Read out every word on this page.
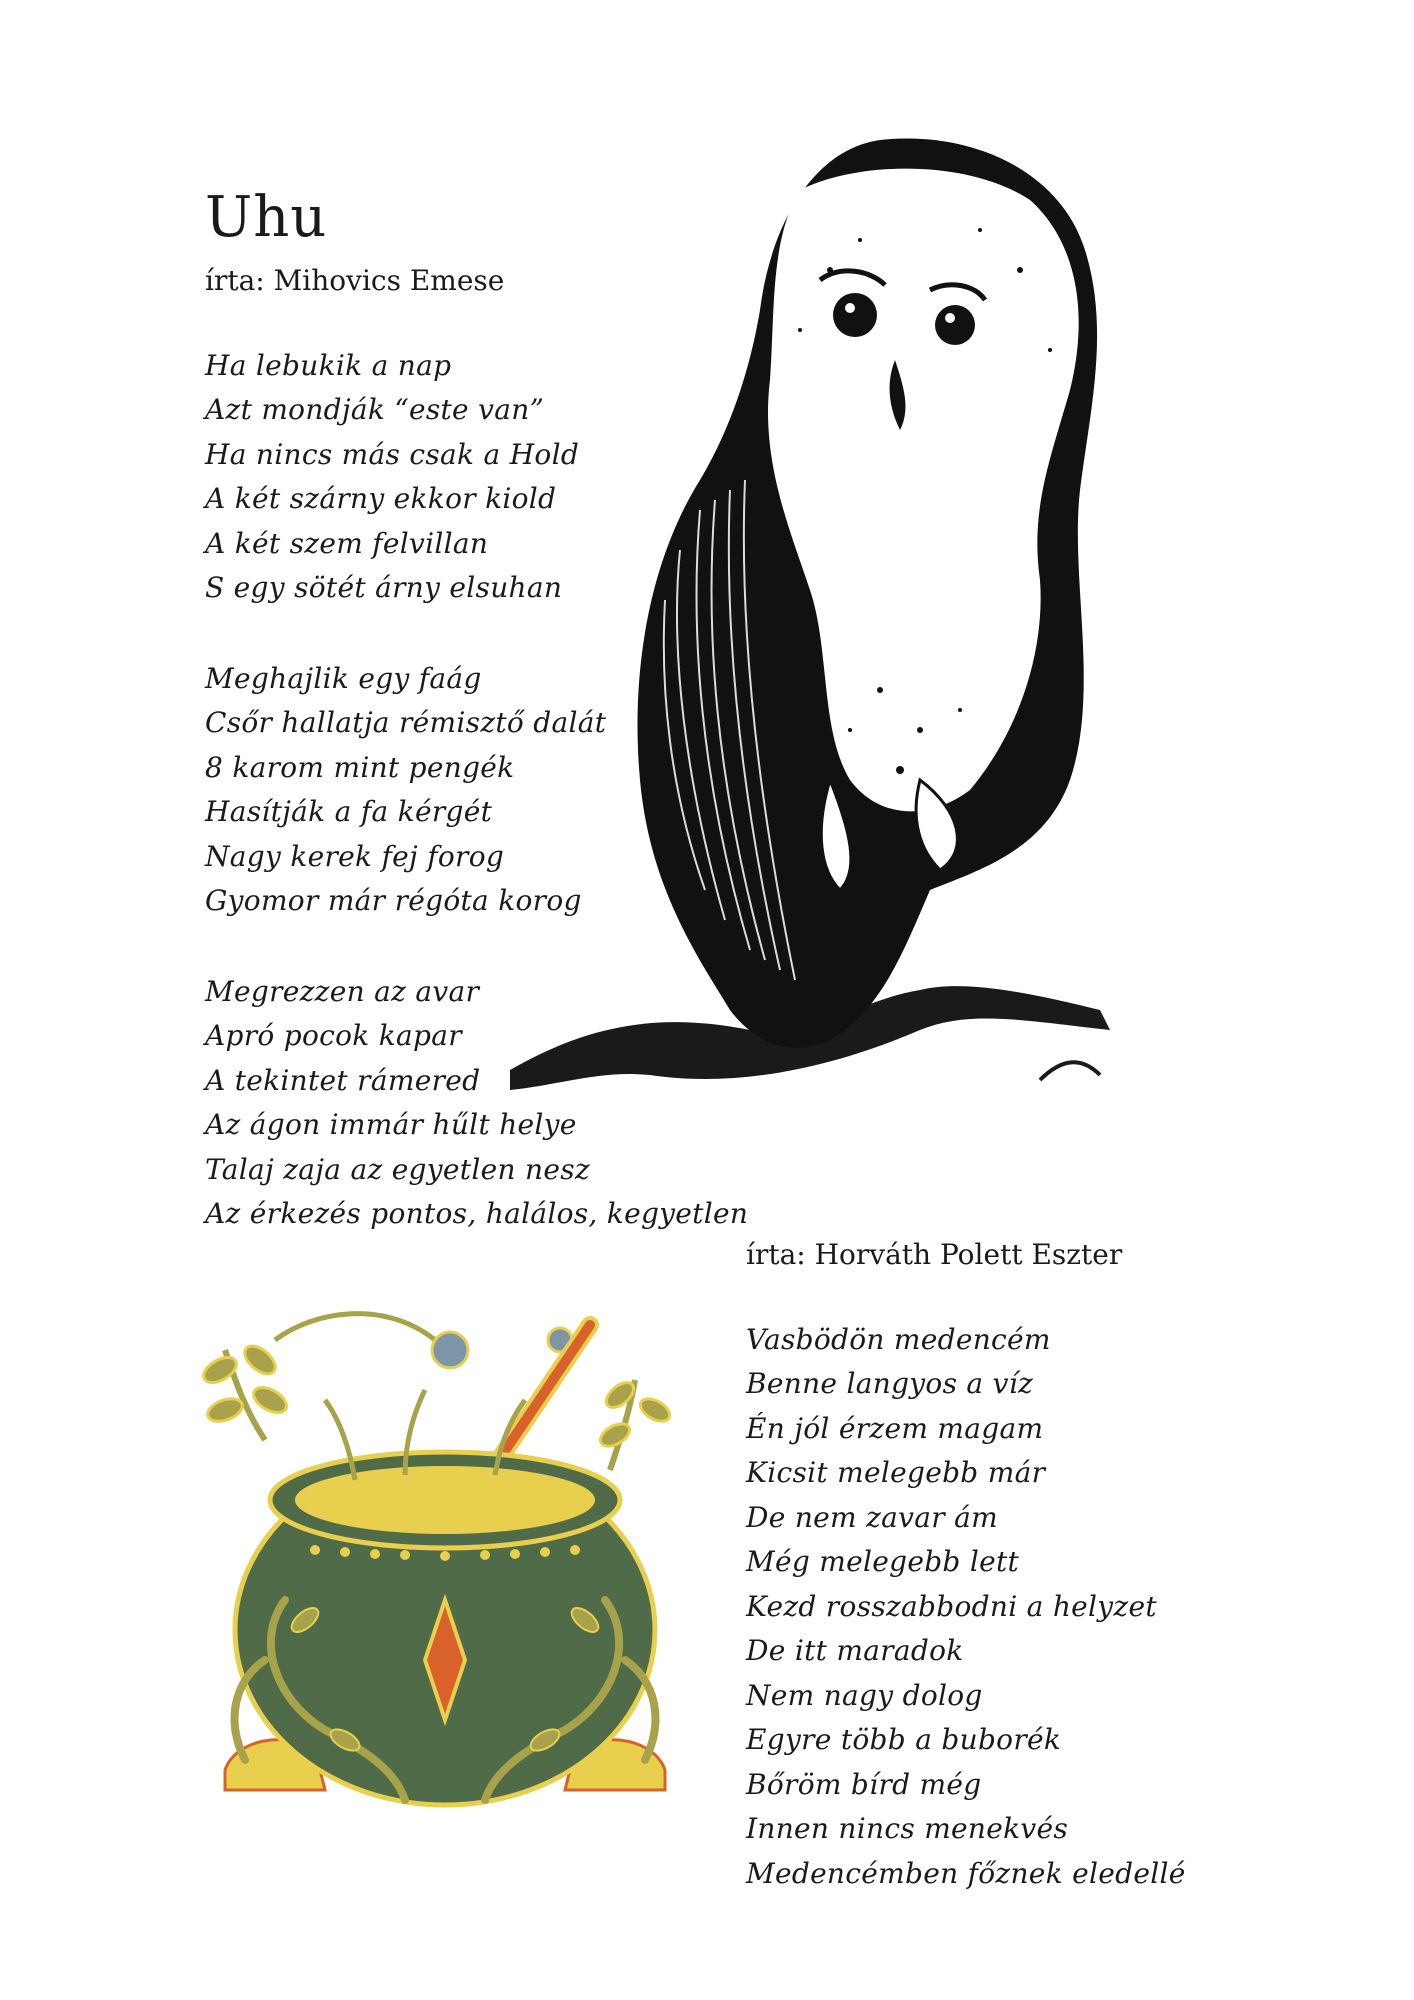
Uhu
írta: Mihovics Emese
Ha lebukik a nap
Azt mondják “este van”
Ha nincs más csak a Hold
A két szárny ekkor kiold
A két szem felvillan
S egy sötét árny elsuhan
Meghajlik egy faág
Csőr hallatja rémisztő dalát
8 karom mint pengék
Hasítják a fa kérgét
Nagy kerek fej forog
Gyomor már régóta korog
Megrezzen az avar
Apró pocok kapar
A tekintet rámered
Az ágon immár hűlt helye
Talaj zaja az egyetlen nesz
Az érkezés pontos, halálos, kegyetlen
írta: Horváth Polett Eszter
Vasbödön medencém
Benne langyos a víz
Én jól érzem magam
Kicsit melegebb már
De nem zavar ám
Még melegebb lett
Kezd rosszabbodni a helyzet
De itt maradok
Nem nagy dolog
Egyre több a buborék
Bőröm bírd még
Innen nincs menekvés
Medencémben főznek eledellé
